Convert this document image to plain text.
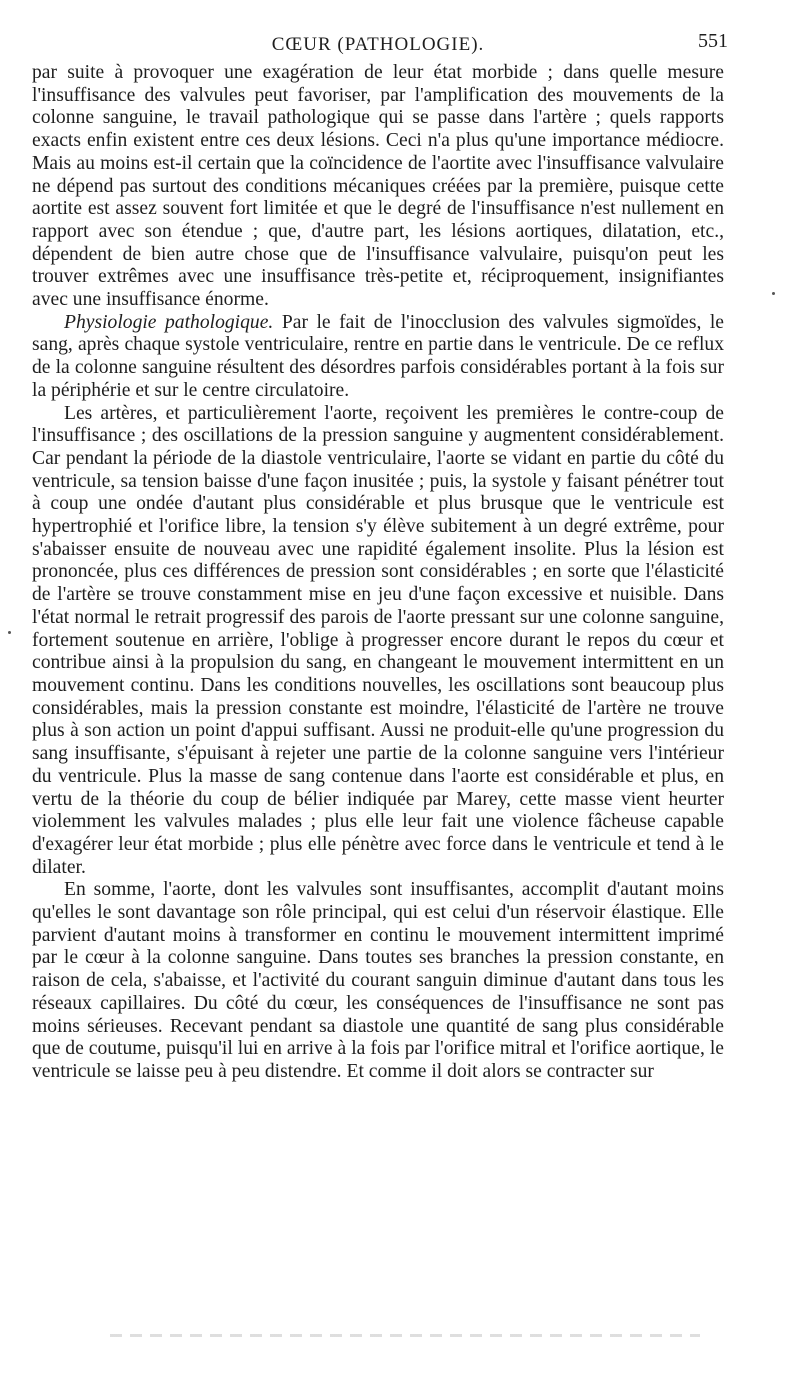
CŒUR (PATHOLOGIE).	551

par suite à provoquer une exagération de leur état morbide ; dans quelle mesure l'insuffisance des valvules peut favoriser, par l'amplification des mouvements de la colonne sanguine, le travail pathologique qui se passe dans l'artère ; quels rapports exacts enfin existent entre ces deux lésions. Ceci n'a plus qu'une importance médiocre. Mais au moins est-il certain que la coïncidence de l'aortite avec l'insuffisance valvulaire ne dépend pas surtout des conditions mécaniques créées par la première, puisque cette aortite est assez souvent fort limitée et que le degré de l'insuffisance n'est nullement en rapport avec son étendue ; que, d'autre part, les lésions aortiques, dilatation, etc., dépendent de bien autre chose que de l'insuffisance valvulaire, puisqu'on peut les trouver extrêmes avec une insuffisance très-petite et, réciproquement, insignifiantes avec une insuffisance énorme.

Physiologie pathologique. Par le fait de l'inocclusion des valvules sigmoïdes, le sang, après chaque systole ventriculaire, rentre en partie dans le ventricule. De ce reflux de la colonne sanguine résultent des désordres parfois considérables portant à la fois sur la périphérie et sur le centre circulatoire.

Les artères, et particulièrement l'aorte, reçoivent les premières le contre-coup de l'insuffisance ; des oscillations de la pression sanguine y augmentent considérablement. Car pendant la période de la diastole ventriculaire, l'aorte se vidant en partie du côté du ventricule, sa tension baisse d'une façon inusitée ; puis, la systole y faisant pénétrer tout à coup une ondée d'autant plus considérable et plus brusque que le ventricule est hypertrophié et l'orifice libre, la tension s'y élève subitement à un degré extrême, pour s'abaisser ensuite de nouveau avec une rapidité également insolite. Plus la lésion est prononcée, plus ces différences de pression sont considérables ; en sorte que l'élasticité de l'artère se trouve constamment mise en jeu d'une façon excessive et nuisible. Dans l'état normal le retrait progressif des parois de l'aorte pressant sur une colonne sanguine, fortement soutenue en arrière, l'oblige à progresser encore durant le repos du cœur et contribue ainsi à la propulsion du sang, en changeant le mouvement intermittent en un mouvement continu. Dans les conditions nouvelles, les oscillations sont beaucoup plus considérables, mais la pression constante est moindre, l'élasticité de l'artère ne trouve plus à son action un point d'appui suffisant. Aussi ne produit-elle qu'une progression du sang insuffisante, s'épuisant à rejeter une partie de la colonne sanguine vers l'intérieur du ventricule. Plus la masse de sang contenue dans l'aorte est considérable et plus, en vertu de la théorie du coup de bélier indiquée par Marey, cette masse vient heurter violemment les valvules malades ; plus elle leur fait une violence fâcheuse capable d'exagérer leur état morbide ; plus elle pénètre avec force dans le ventricule et tend à le dilater.

En somme, l'aorte, dont les valvules sont insuffisantes, accomplit d'autant moins qu'elles le sont davantage son rôle principal, qui est celui d'un réservoir élastique. Elle parvient d'autant moins à transformer en continu le mouvement intermittent imprimé par le cœur à la colonne sanguine. Dans toutes ses branches la pression constante, en raison de cela, s'abaisse, et l'activité du courant sanguin diminue d'autant dans tous les réseaux capillaires. Du côté du cœur, les conséquences de l'insuffisance ne sont pas moins sérieuses. Recevant pendant sa diastole une quantité de sang plus considérable que de coutume, puisqu'il lui en arrive à la fois par l'orifice mitral et l'orifice aortique, le ventricule se laisse peu à peu distendre. Et comme il doit alors se contracter sur
